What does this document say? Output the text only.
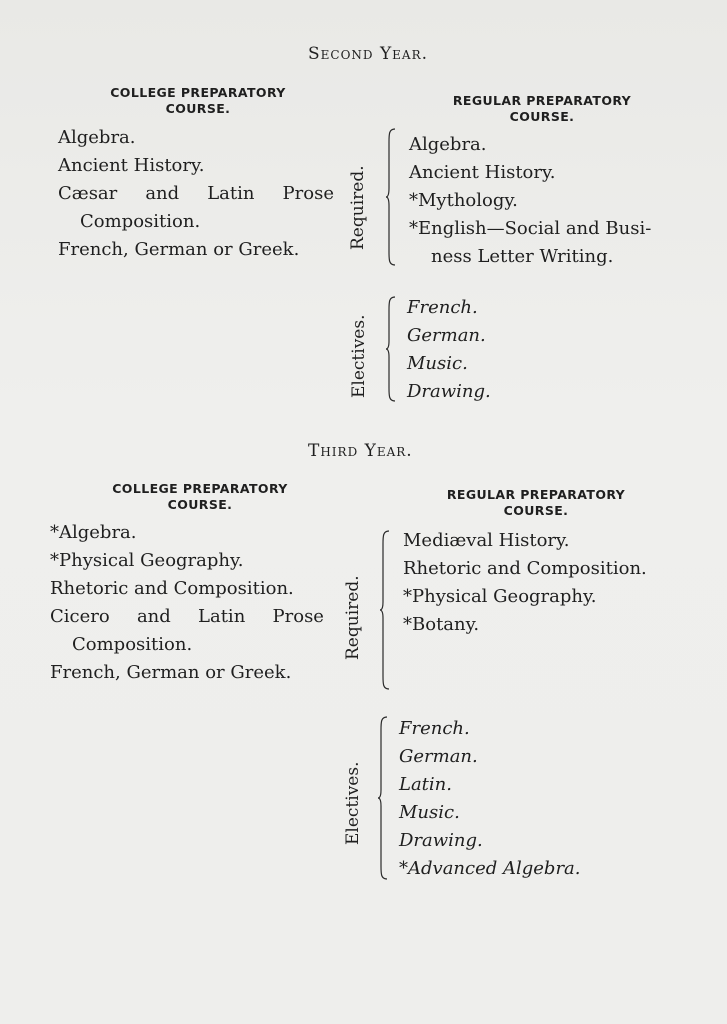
Second Year.
COLLEGE PREPARATORY
COURSE.
REGULAR PREPARATORY
COURSE.
Algebra.
Ancient History.
Cæsar and Latin Prose
Composition.
French, German or Greek.	Required.
Algebra.
Ancient History.
*Mythology.
*English—Social and Busi-
ness Letter Writing.
Electives.
French.
German.
Music.
Drawing.
Third Year.
COLLEGE PREPARATORY
COURSE.
REGULAR PREPARATORY
COURSE.
*Algebra.
*Physical Geography.
Rhetoric and Composition.
Cicero and Latin Prose
Composition.
French, German or Greek.
Required.
Mediæval History.
Rhetoric and Composition.
*Physical Geography.
*Botany.
Electives.
French.
German.
Latin.
Music.
Drawing.
*Advanced Algebra.
